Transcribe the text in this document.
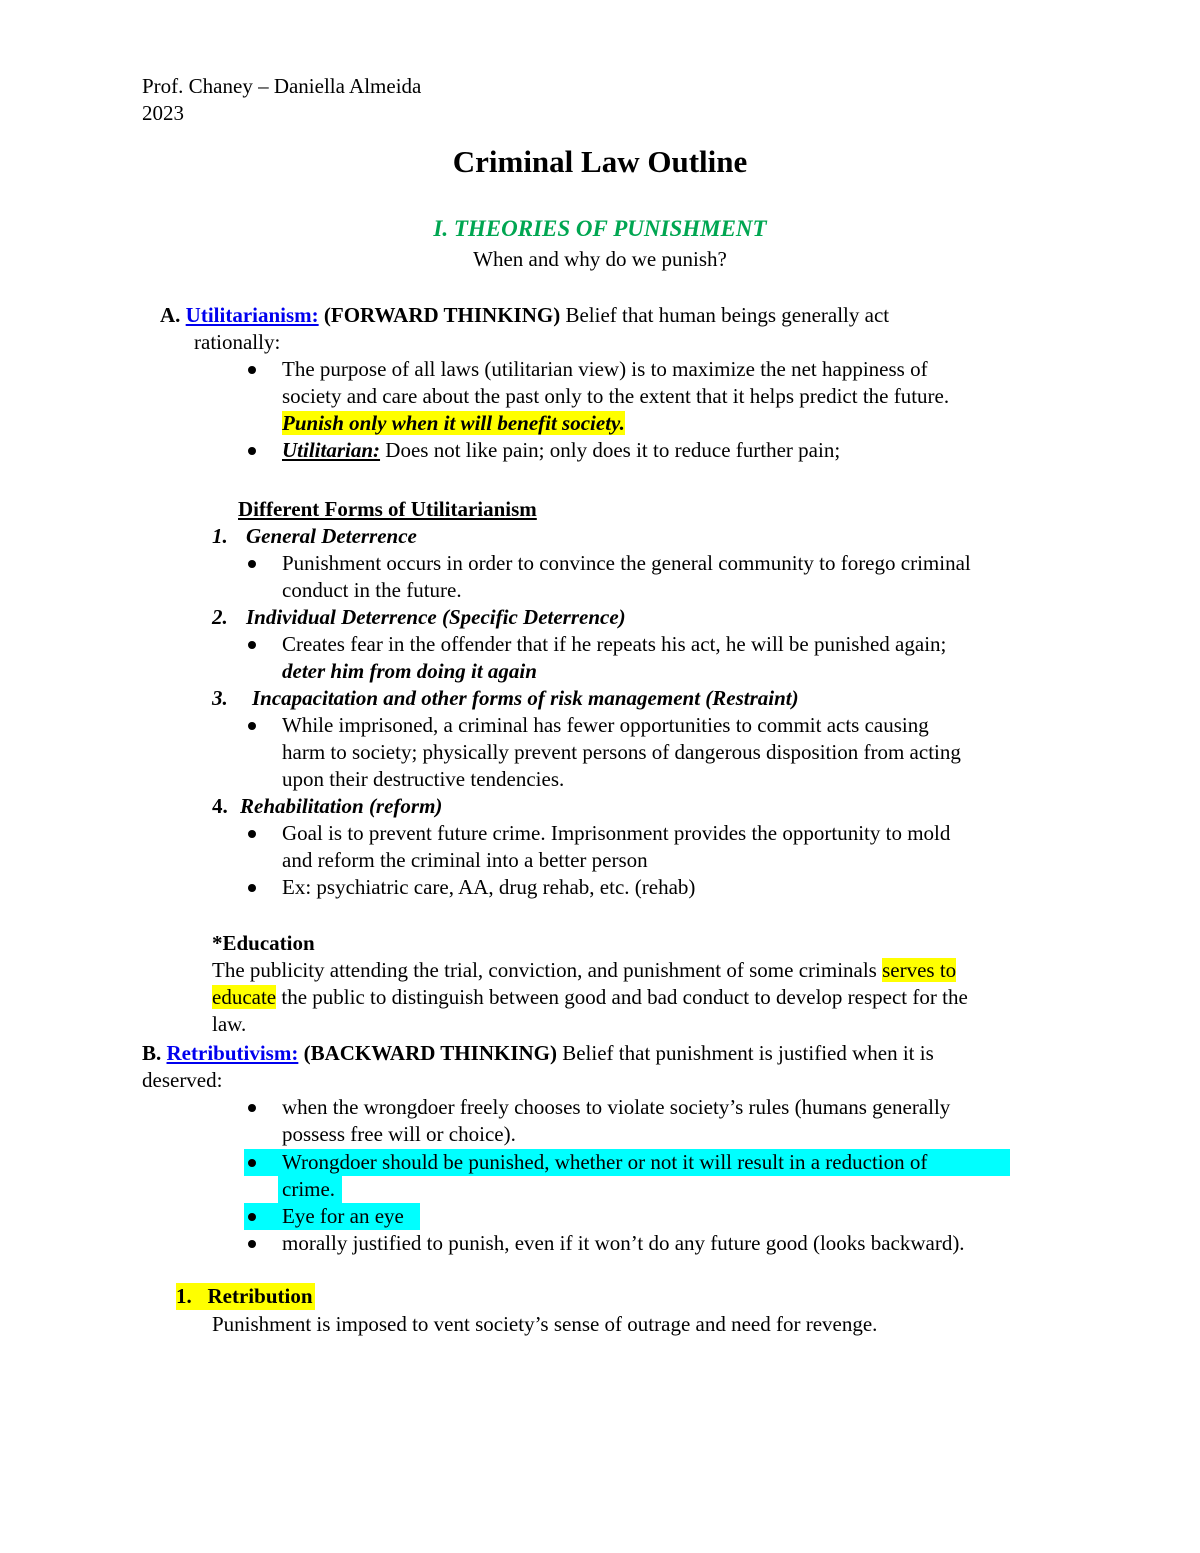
Prof. Chaney – Daniella Almeida
2023
Criminal Law Outline
I. THEORIES OF PUNISHMENT
When and why do we punish?
A. Utilitarianism: (FORWARD THINKING) Belief that human beings generally act
rationally:
The purpose of all laws (utilitarian view) is to maximize the net happiness of
society and care about the past only to the extent that it helps predict the future.
Punish only when it will benefit society.
Utilitarian: Does not like pain; only does it to reduce further pain;
Different Forms of Utilitarianism
1. General Deterrence
Punishment occurs in order to convince the general community to forego criminal
conduct in the future.
2. Individual Deterrence (Specific Deterrence)
Creates fear in the offender that if he repeats his act, he will be punished again;
deter him from doing it again
3. Incapacitation and other forms of risk management (Restraint)
While imprisoned, a criminal has fewer opportunities to commit acts causing
harm to society; physically prevent persons of dangerous disposition from acting
upon their destructive tendencies.
4. Rehabilitation (reform)
Goal is to prevent future crime. Imprisonment provides the opportunity to mold
and reform the criminal into a better person
Ex: psychiatric care, AA, drug rehab, etc. (rehab)
*Education
The publicity attending the trial, conviction, and punishment of some criminals serves to
educate the public to distinguish between good and bad conduct to develop respect for the
law.
B. Retributivism: (BACKWARD THINKING) Belief that punishment is justified when it is
deserved:
when the wrongdoer freely chooses to violate society’s rules (humans generally
possess free will or choice).
Wrongdoer should be punished, whether or not it will result in a reduction of
crime.
Eye for an eye
morally justified to punish, even if it won’t do any future good (looks backward).
1. Retribution
Punishment is imposed to vent society’s sense of outrage and need for revenge.
